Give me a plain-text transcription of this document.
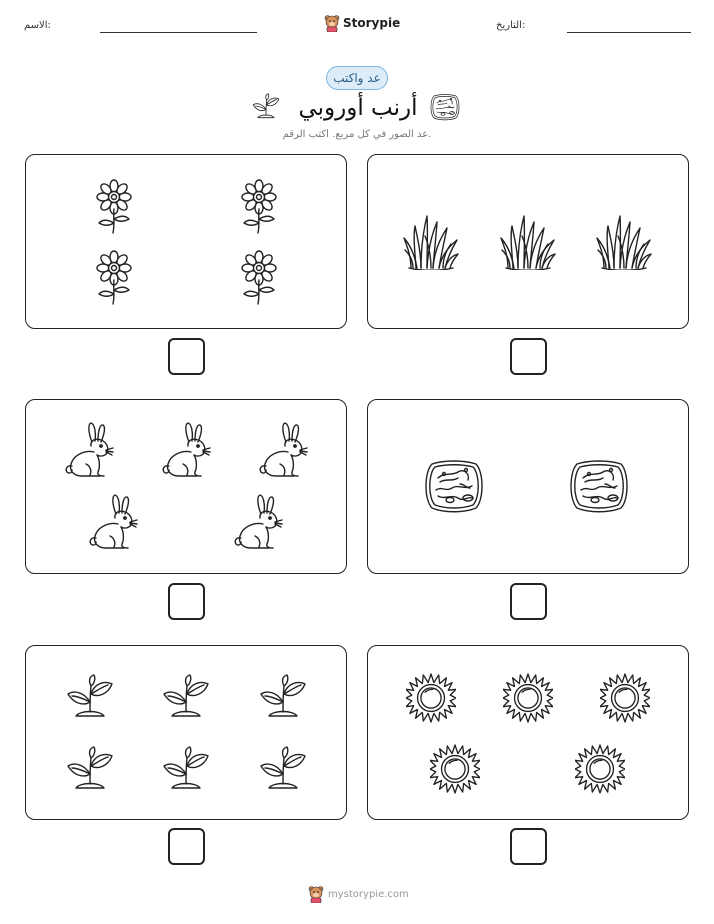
الاسم:	Storypie	التاريخ:
عد واكتب
أرنب أوروبي
عد الصور في كل مربع. اكتب الرقم.
mystorypie.com
